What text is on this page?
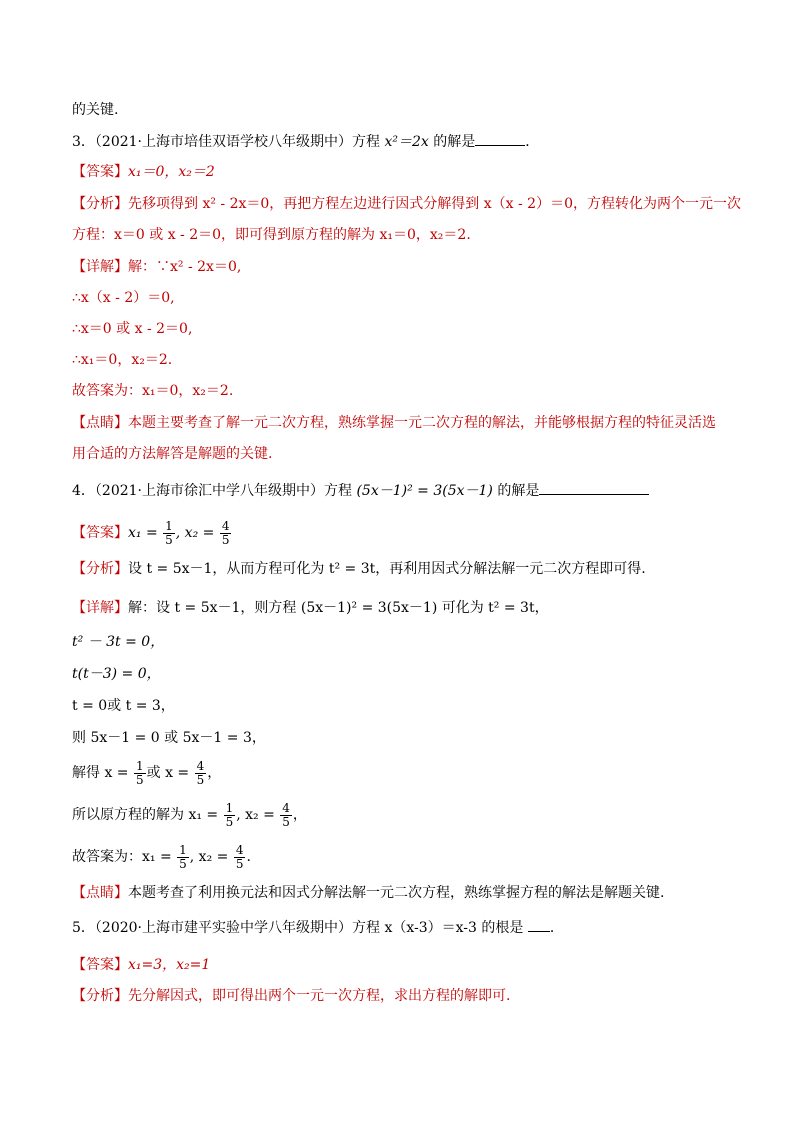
的关键.
3．（2021·上海市培佳双语学校八年级期中）方程 x²＝2x 的解是	．
【答案】x₁＝0，x₂＝2
【分析】先移项得到 x² - 2x＝0，再把方程左边进行因式分解得到 x（x - 2）＝0，方程转化为两个一元一次
方程：x＝0 或 x - 2＝0，即可得到原方程的解为 x₁＝0，x₂＝2.
【详解】解：∵x² - 2x＝0,
∴x（x - 2）＝0,
∴x＝0 或 x - 2＝0,
∴x₁＝0，x₂＝2.
故答案为：x₁＝0，x₂＝2.
【点睛】本题主要考查了解一元二次方程，熟练掌握一元二次方程的解法，并能够根据方程的特征灵活选
用合适的方法解答是解题的关键.
4．（2021·上海市徐汇中学八年级期中）方程 (5x－1)² = 3(5x－1) 的解是
【答案】$x_1 = \frac{1}{5}$ , $x_2 = \frac{4}{5}$
【分析】设 t = 5x－1，从而方程可化为 t² = 3t，再利用因式分解法解一元二次方程即可得.
【详解】解：设 t = 5x－1，则方程 (5x－1)² = 3(5x－1) 可化为 t² = 3t，
t² － 3t = 0，
t(t－3) = 0，
t = 0或 t = 3，
则 5x－1 = 0 或 5x－1 = 3，
解得 $x = \frac{1}{5}$ 或 $x = \frac{4}{5}$ ，
所以原方程的解为 $x_1 = \frac{1}{5}$ , $x_2 = \frac{4}{5}$ ，
故答案为：$x_1 = \frac{1}{5}$ , $x_2 = \frac{4}{5}$ .
【点睛】本题考查了利用换元法和因式分解法解一元二次方程，熟练掌握方程的解法是解题关键.
5．（2020·上海市建平实验中学八年级期中）方程 x（x-3）＝x-3 的根是 ．
【答案】x₁=3，x₂=1
【分析】先分解因式，即可得出两个一元一次方程，求出方程的解即可.
